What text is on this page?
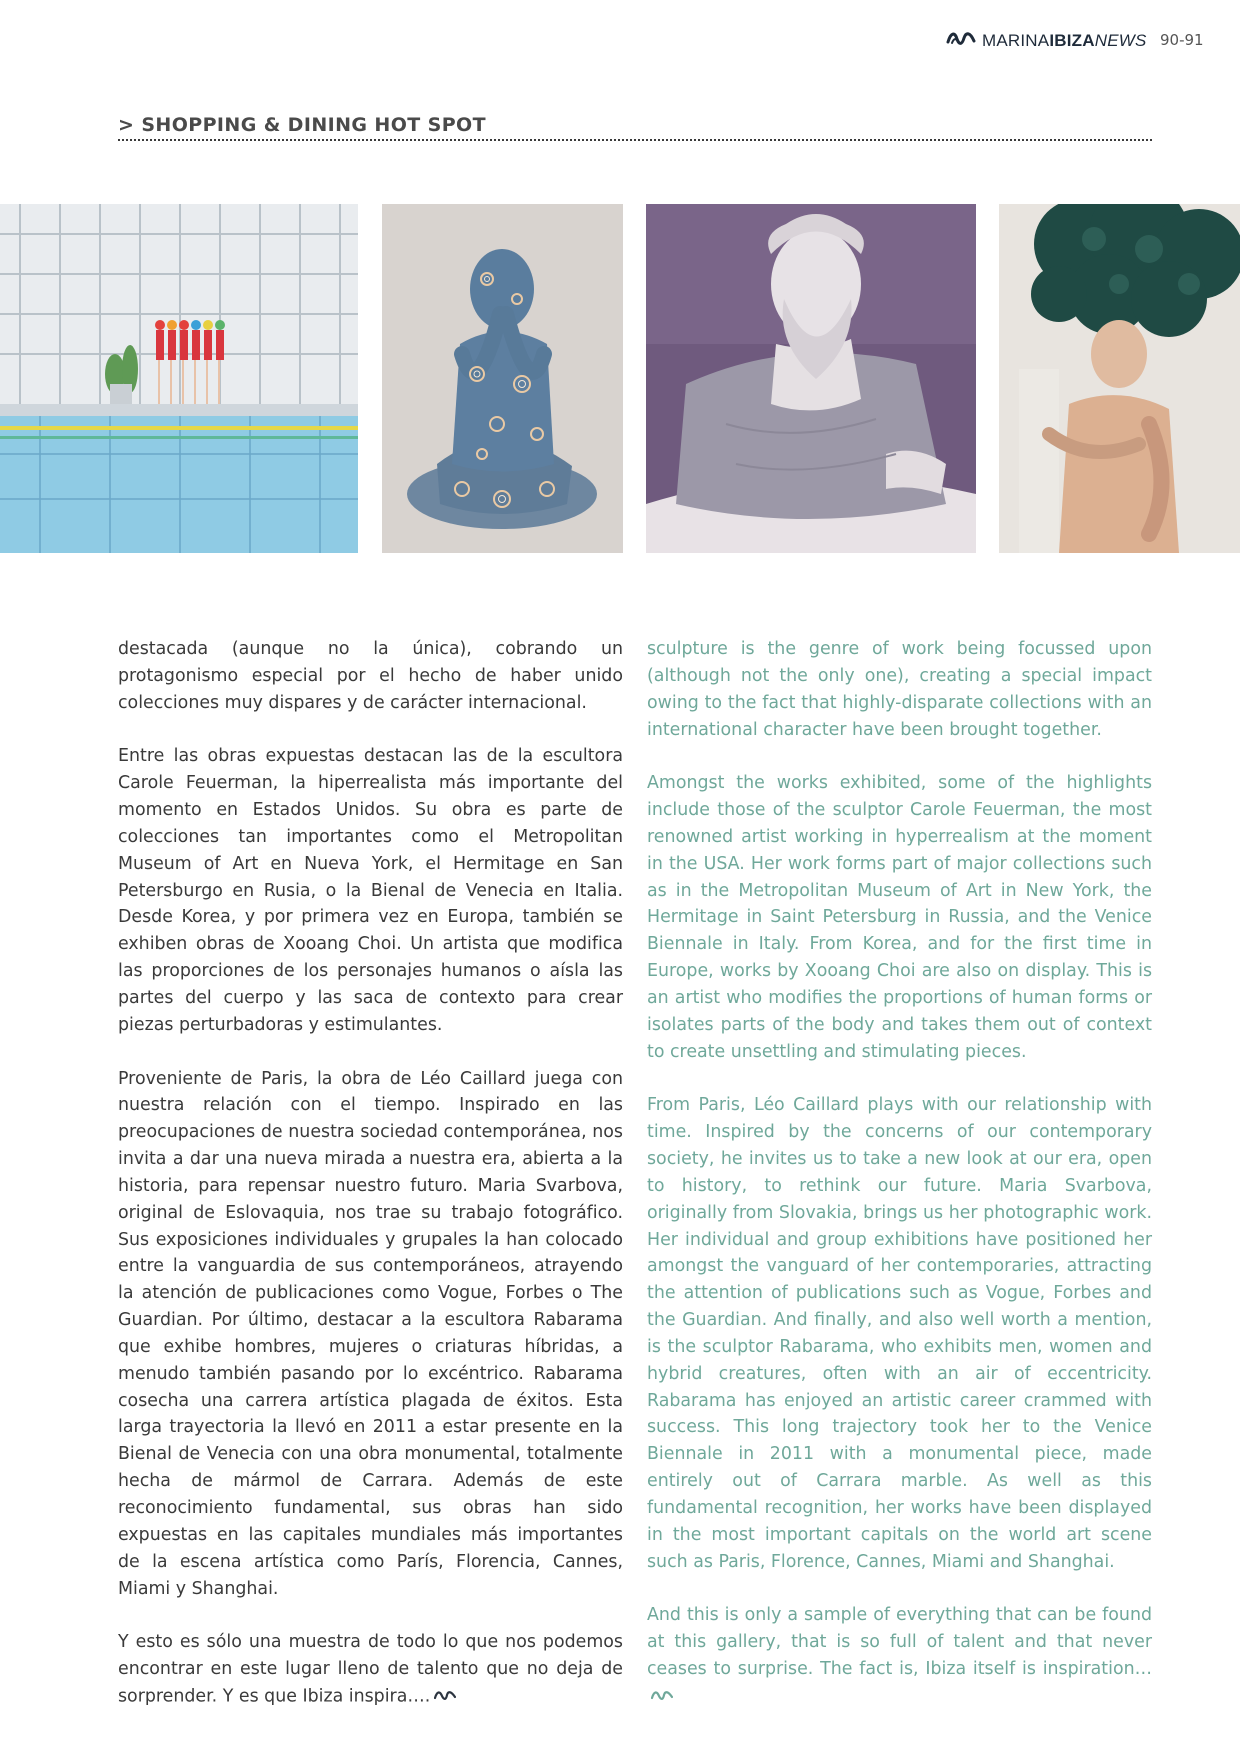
MARINAIBIZANEWS 90-91
> SHOPPING & DINING HOT SPOT

destacada (aunque no la única), cobrando un protagonismo especial por el hecho de haber unido colecciones muy dispares y de carácter internacional.

Entre las obras expuestas destacan las de la escultora Carole Feuerman, la hiperrealista más importante del momento en Estados Unidos. Su obra es parte de colecciones tan importantes como el Metropolitan Museum of Art en Nueva York, el Hermitage en San Petersburgo en Rusia, o la Bienal de Venecia en Italia. Desde Korea, y por primera vez en Europa, también se exhiben obras de Xooang Choi. Un artista que modifica las proporciones de los personajes humanos o aísla las partes del cuerpo y las saca de contexto para crear piezas perturbadoras y estimulantes.

Proveniente de Paris, la obra de Léo Caillard juega con nuestra relación con el tiempo. Inspirado en las preocupaciones de nuestra sociedad contemporánea, nos invita a dar una nueva mirada a nuestra era, abierta a la historia, para repensar nuestro futuro. Maria Svarbova, original de Eslovaquia, nos trae su trabajo fotográfico. Sus exposiciones individuales y grupales la han colocado entre la vanguardia de sus contemporáneos, atrayendo la atención de publicaciones como Vogue, Forbes o The Guardian. Por último, destacar a la escultora Rabarama que exhibe hombres, mujeres o criaturas híbridas, a menudo también pasando por lo excéntrico. Rabarama cosecha una carrera artística plagada de éxitos. Esta larga trayectoria la llevó en 2011 a estar presente en la Bienal de Venecia con una obra monumental, totalmente hecha de mármol de Carrara. Además de este reconocimiento fundamental, sus obras han sido expuestas en las capitales mundiales más importantes de la escena artística como París, Florencia, Cannes, Miami y Shanghai.

Y esto es sólo una muestra de todo lo que nos podemos encontrar en este lugar lleno de talento que no deja de sorprender. Y es que Ibiza inspira….

sculpture is the genre of work being focussed upon (although not the only one), creating a special impact owing to the fact that highly-disparate collections with an international character have been brought together.

Amongst the works exhibited, some of the highlights include those of the sculptor Carole Feuerman, the most renowned artist working in hyperrealism at the moment in the USA. Her work forms part of major collections such as in the Metropolitan Museum of Art in New York, the Hermitage in Saint Petersburg in Russia, and the Venice Biennale in Italy. From Korea, and for the first time in Europe, works by Xooang Choi are also on display. This is an artist who modifies the proportions of human forms or isolates parts of the body and takes them out of context to create unsettling and stimulating pieces.

From Paris, Léo Caillard plays with our relationship with time. Inspired by the concerns of our contemporary society, he invites us to take a new look at our era, open to history, to rethink our future. Maria Svarbova, originally from Slovakia, brings us her photographic work. Her individual and group exhibitions have positioned her amongst the vanguard of her contemporaries, attracting the attention of publications such as Vogue, Forbes and the Guardian. And finally, and also well worth a mention, is the sculptor Rabarama, who exhibits men, women and hybrid creatures, often with an air of eccentricity. Rabarama has enjoyed an artistic career crammed with success. This long trajectory took her to the Venice Biennale in 2011 with a monumental piece, made entirely out of Carrara marble. As well as this fundamental recognition, her works have been displayed in the most important capitals on the world art scene such as Paris, Florence, Cannes, Miami and Shanghai.

And this is only a sample of everything that can be found at this gallery, that is so full of talent and that never ceases to surprise. The fact is, Ibiza itself is inspiration…
